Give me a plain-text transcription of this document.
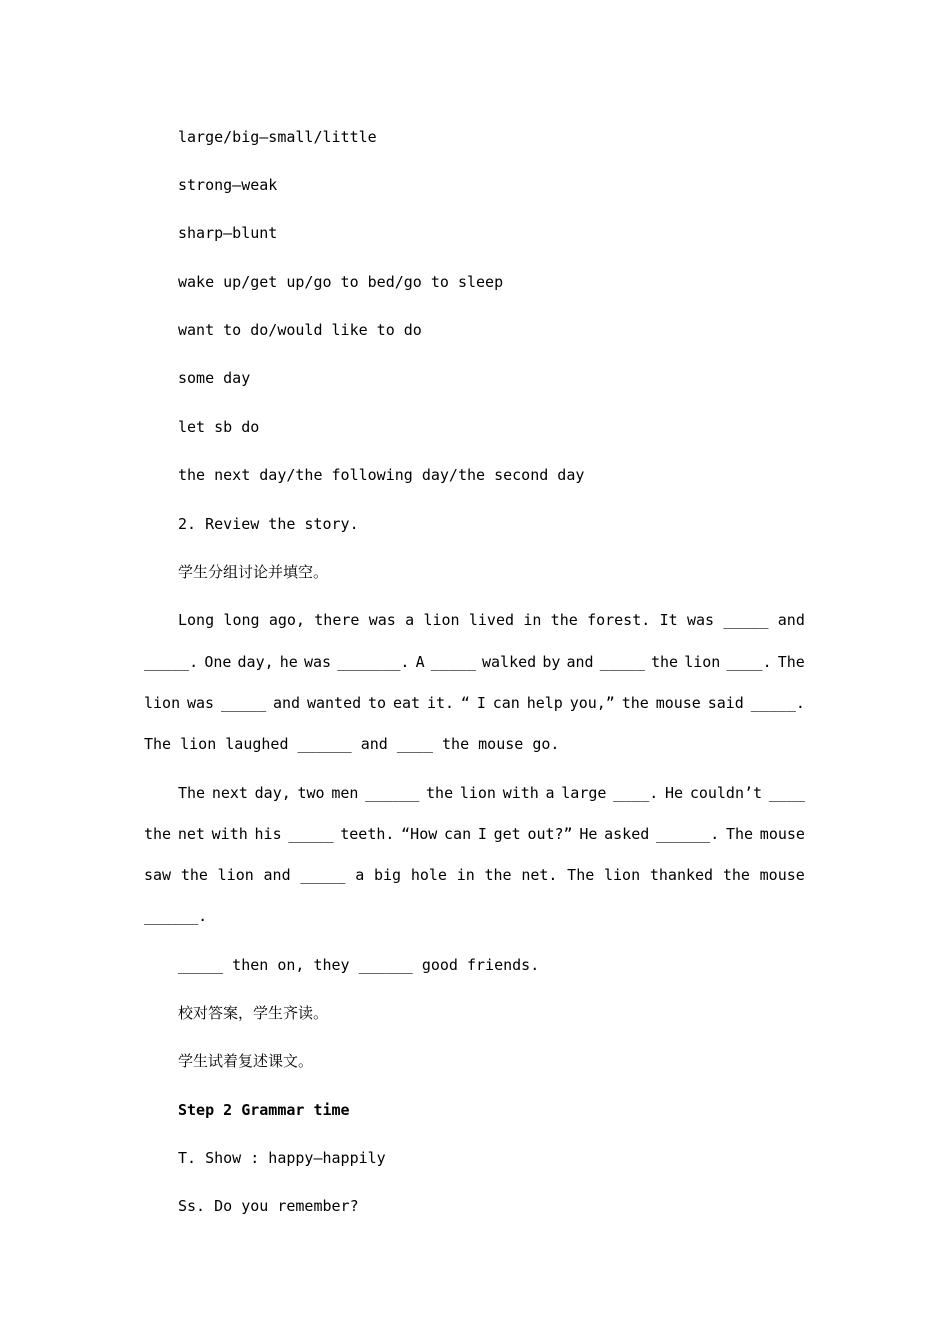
large/big—small/little
strong—weak
sharp—blunt
wake up/get up/go to bed/go to sleep
want to do/would like to do
some day
let sb do
the next day/the following day/the second day
2. Review the story.
学生分组讨论并填空。
Long long ago, there was a lion lived in the forest. It was _____ and
_____. One day, he was _______. A _____ walked by and _____ the lion ____. The
lion was _____ and wanted to eat it. “ I can help you,” the mouse said _____.
The lion laughed ______ and ____ the mouse go.
The next day, two men ______ the lion with a large ____. He couldn’t ____
the net with his _____ teeth. “How can I get out?” He asked ______. The mouse
saw the lion and _____ a big hole in the net. The lion thanked the mouse
______.
_____ then on, they ______ good friends.
校对答案，学生齐读。
学生试着复述课文。
Step 2 Grammar time
T. Show : happy—happily
Ss. Do you remember?
